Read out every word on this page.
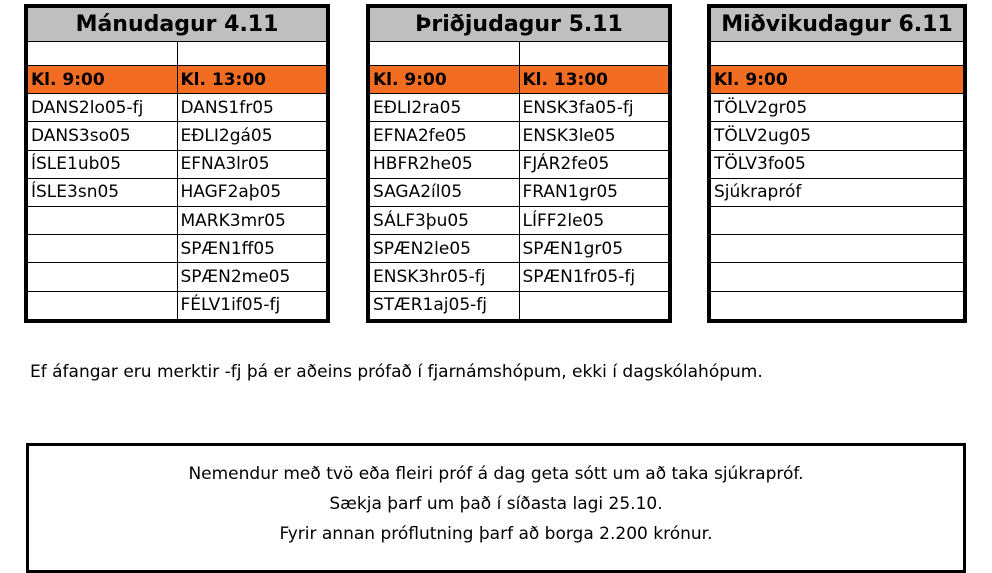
Mánudagur 4.11	

Kl. 9:00	Kl. 13:00
DANS2lo05-fj	DANS1fr05
DANS3so05	EÐLI2gá05
ÍSLE1ub05	EFNA3lr05
ÍSLE3sn05	HAGF2aþ05
	MARK3mr05
	SPÆN1ff05
	SPÆN2me05
	FÉLV1if05-fj
Þriðjudagur 5.11	

Kl. 9:00	Kl. 13:00
EÐLI2ra05	ENSK3fa05-fj
EFNA2fe05	ENSK3le05
HBFR2he05	FJÁR2fe05
SAGA2íl05	FRAN1gr05
SÁLF3þu05	LÍFF2le05
SPÆN2le05	SPÆN1gr05
ENSK3hr05-fj	SPÆN1fr05-fj
STÆR1aj05-fj	
Miðvikudagur 6.11

Kl. 9:00
TÖLV2gr05
TÖLV2ug05
TÖLV3fo05
Sjúkrapróf

Ef áfangar eru merktir -fj þá er aðeins prófað í fjarnámshópum, ekki í dagskólahópum.
Nemendur með tvö eða fleiri próf á dag geta sótt um að taka sjúkrapróf.
Sækja þarf um það í síðasta lagi 25.10.
Fyrir annan próflutning þarf að borga 2.200 krónur.
